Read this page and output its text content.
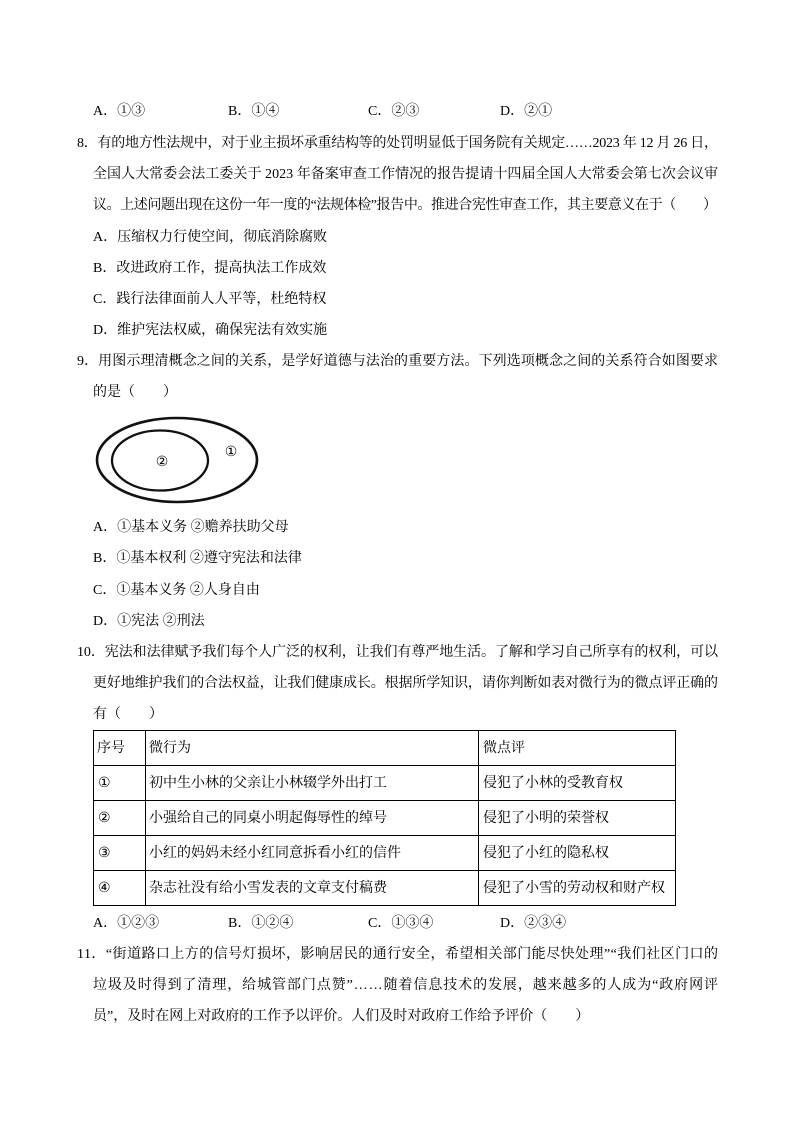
A．①③	B．①④	C．②③	D．②①
8．有的地方性法规中，对于业主损坏承重结构等的处罚明显低于国务院有关规定……2023 年 12 月 26 日，
全国人大常委会法工委关于 2023 年备案审查工作情况的报告提请十四届全国人大常委会第七次会议审
议。上述问题出现在这份一年一度的“法规体检”报告中。推进合宪性审查工作，其主要意义在于（　　）
A．压缩权力行使空间，彻底消除腐败
B．改进政府工作，提高执法工作成效
C．践行法律面前人人平等，杜绝特权
D．维护宪法权威，确保宪法有效实施
9．用图示理清概念之间的关系，是学好道德与法治的重要方法。下列选项概念之间的关系符合如图要求
的是（　　）
②
①
A．①基本义务 ②赡养扶助父母
B．①基本权利 ②遵守宪法和法律
C．①基本义务 ②人身自由
D．①宪法 ②刑法
10．宪法和法律赋予我们每个人广泛的权利，让我们有尊严地生活。了解和学习自己所享有的权利，可以
更好地维护我们的合法权益，让我们健康成长。根据所学知识，请你判断如表对微行为的微点评正确的
有（　　）
序号 微行为	微点评
①	初中生小林的父亲让小林辍学外出打工	侵犯了小林的受教育权
②	小强给自己的同桌小明起侮辱性的绰号	侵犯了小明的荣誉权
③	小红的妈妈未经小红同意拆看小红的信件	侵犯了小红的隐私权
④	杂志社没有给小雪发表的文章支付稿费	侵犯了小雪的劳动权和财产权
A．①②③	B．①②④	C．①③④	D．②③④
11．“街道路口上方的信号灯损坏，影响居民的通行安全，希望相关部门能尽快处理”“我们社区门口的
垃圾及时得到了清理，给城管部门点赞”……随着信息技术的发展，越来越多的人成为“政府网评
员”，及时在网上对政府的工作予以评价。人们及时对政府工作给予评价（　　）
